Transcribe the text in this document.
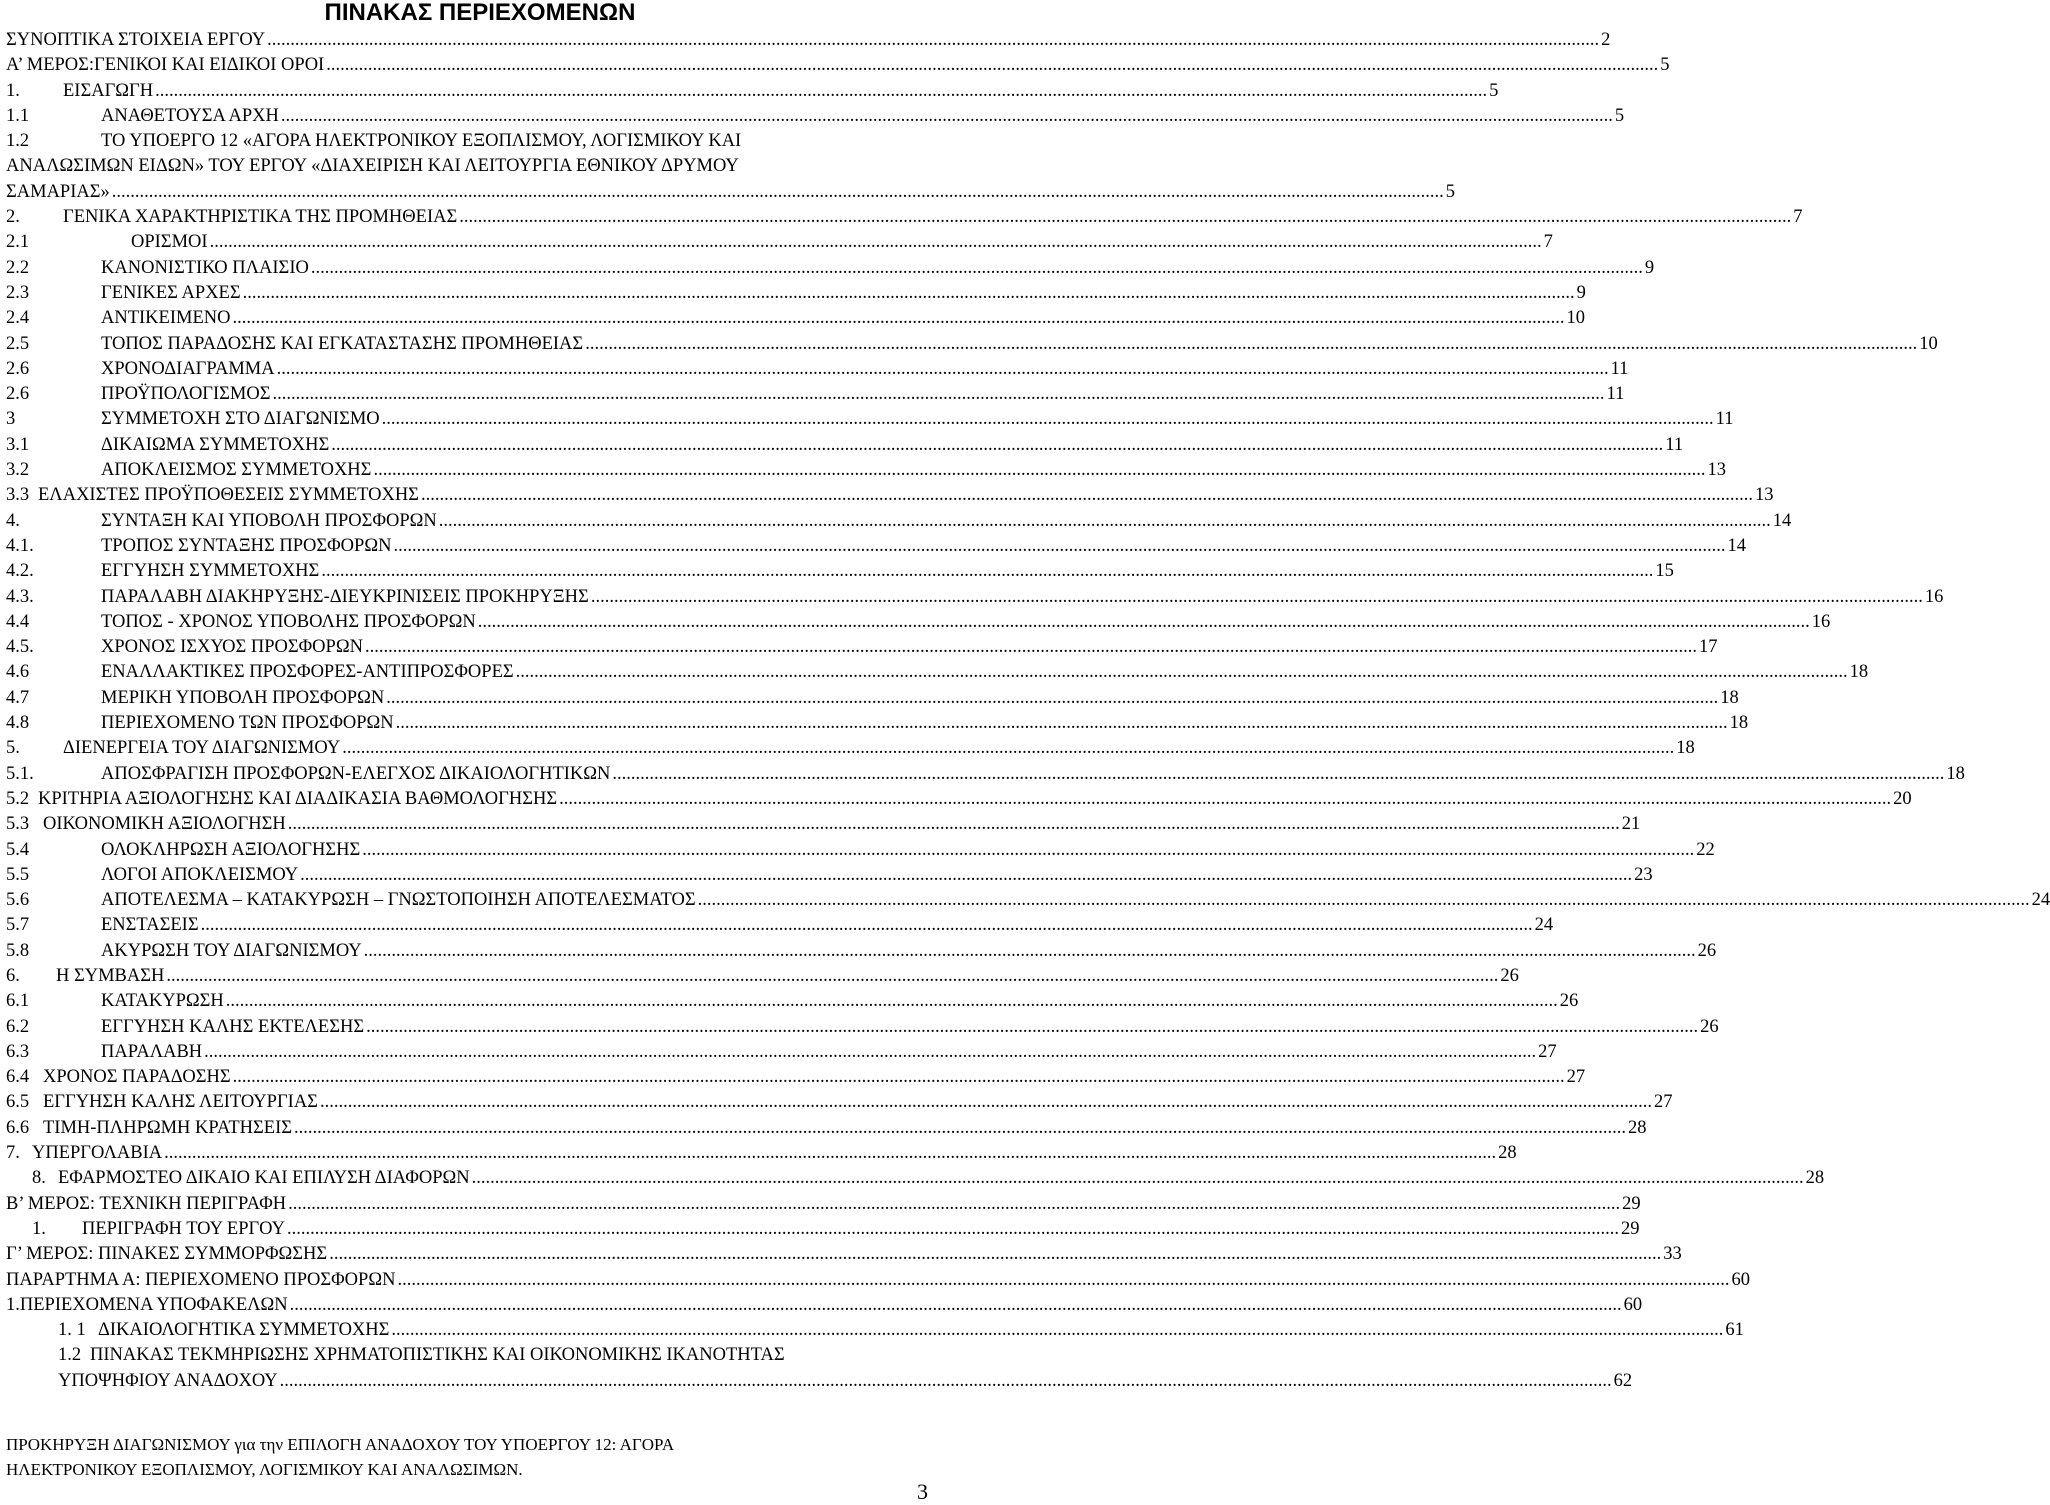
ΠΙΝΑΚΑΣ ΠΕΡΙΕΧΟΜΕΝΩΝ
ΣΥΝΟΠΤΙΚΑ ΣΤΟΙΧΕΙΑ ΕΡΓΟΥ .....	2
Α’ ΜΕΡΟΣ:ΓΕΝΙΚΟΙ ΚΑΙ ΕΙΔΙΚΟΙ ΟΡΟΙ .....	5
1.	ΕΙΣΑΓΩΓΗ .....	5
1.1	ΑΝΑΘΕΤΟΥΣΑ ΑΡΧΗ .....	5
1.2	ΤΟ ΥΠΟΕΡΓΟ 12 «ΑΓΟΡΑ ΗΛΕΚΤΡΟΝΙΚΟΥ ΕΞΟΠΛΙΣΜΟΥ, ΛΟΓΙΣΜΙΚΟΥ ΚΑΙ
ΑΝΑΛΩΣΙΜΩΝ ΕΙΔΩΝ» ΤΟΥ ΕΡΓΟΥ «ΔΙΑΧΕΙΡΙΣΗ ΚΑΙ ΛΕΙΤΟΥΡΓΙΑ ΕΘΝΙΚΟΥ ΔΡΥΜΟΥ
ΣΑΜΑΡΙΑΣ» .....	5
2.	ΓΕΝΙΚΑ ΧΑΡΑΚΤΗΡΙΣΤΙΚΑ ΤΗΣ ΠΡΟΜΗΘΕΙΑΣ .....	7
2.1	ΟΡΙΣΜΟΙ .....	7
2.2	ΚΑΝΟΝΙΣΤΙΚΟ ΠΛΑΙΣΙΟ .....	9
2.3	ΓΕΝΙΚΕΣ ΑΡΧΕΣ .....	9
2.4	ΑΝΤΙΚΕΙΜΕΝΟ .....	10
2.5	ΤΟΠΟΣ ΠΑΡΑΔΟΣΗΣ ΚΑΙ ΕΓΚΑΤΑΣΤΑΣΗΣ ΠΡΟΜΗΘΕΙΑΣ .....	10
2.6	ΧΡΟΝΟΔΙΑΓΡΑΜΜΑ .....	11
2.6	ΠΡΟΫΠΟΛΟΓΙΣΜΟΣ .....	11
3	ΣΥΜΜΕΤΟΧΗ ΣΤΟ ΔΙΑΓΩΝΙΣΜΟ .....	11
3.1	ΔΙΚΑΙΩΜΑ ΣΥΜΜΕΤΟΧΗΣ .....	11
3.2	ΑΠΟΚΛΕΙΣΜΟΣ ΣΥΜΜΕΤΟΧΗΣ .....	13
3.3 ΕΛΑΧΙΣΤΕΣ ΠΡΟΫΠΟΘΕΣΕΙΣ ΣΥΜΜΕΤΟΧΗΣ .....	13
4.	ΣΥΝΤΑΞΗ ΚΑΙ ΥΠΟΒΟΛΗ ΠΡΟΣΦΟΡΩΝ .....	14
4.1.	ΤΡΟΠΟΣ ΣΥΝΤΑΞΗΣ ΠΡΟΣΦΟΡΩΝ .....	14
4.2.	ΕΓΓΥΗΣΗ ΣΥΜΜΕΤΟΧΗΣ .....	15
4.3.	ΠΑΡΑΛΑΒΗ ΔΙΑΚΗΡΥΞΗΣ-ΔΙΕΥΚΡΙΝΙΣΕΙΣ ΠΡΟΚΗΡΥΞΗΣ .....	16
4.4	ΤΟΠΟΣ - ΧΡΟΝΟΣ ΥΠΟΒΟΛΗΣ ΠΡΟΣΦΟΡΩΝ .....	16
4.5.	ΧΡΟΝΟΣ ΙΣΧΥΟΣ ΠΡΟΣΦΟΡΩΝ .....	17
4.6	ΕΝΑΛΛΑΚΤΙΚΕΣ ΠΡΟΣΦΟΡΕΣ-ΑΝΤΙΠΡΟΣΦΟΡΕΣ .....	18
4.7	ΜΕΡΙΚΗ ΥΠΟΒΟΛΗ ΠΡΟΣΦΟΡΩΝ .....	18
4.8	ΠΕΡΙΕΧΟΜΕΝΟ ΤΩΝ ΠΡΟΣΦΟΡΩΝ .....	18
5.	ΔΙΕΝΕΡΓΕΙΑ ΤΟΥ ΔΙΑΓΩΝΙΣΜΟΥ .....	18
5.1.	ΑΠΟΣΦΡΑΓΙΣΗ ΠΡΟΣΦΟΡΩΝ-ΕΛΕΓΧΟΣ ΔΙΚΑΙΟΛΟΓΗΤΙΚΩΝ .....	18
5.2 ΚΡΙΤΗΡΙΑ ΑΞΙΟΛΟΓΗΣΗΣ ΚΑΙ ΔΙΑΔΙΚΑΣΙΑ ΒΑΘΜΟΛΟΓΗΣΗΣ .....	20
5.3 ΟΙΚΟΝΟΜΙΚΗ ΑΞΙΟΛΟΓΗΣΗ .....	21
5.4	ΟΛΟΚΛΗΡΩΣΗ ΑΞΙΟΛΟΓΗΣΗΣ .....	22
5.5	ΛΟΓΟΙ ΑΠΟΚΛΕΙΣΜΟΥ .....	23
5.6	ΑΠΟΤΕΛΕΣΜΑ – ΚΑΤΑΚΥΡΩΣΗ – ΓΝΩΣΤΟΠΟΙΗΣΗ ΑΠΟΤΕΛΕΣΜΑΤΟΣ .....	24
5.7	ΕΝΣΤΑΣΕΙΣ .....	24
5.8	ΑΚΥΡΩΣΗ ΤΟΥ ΔΙΑΓΩΝΙΣΜΟΥ .....	26
6.	Η ΣΥΜΒΑΣΗ .....	26
6.1	ΚΑΤΑΚΥΡΩΣΗ .....	26
6.2	ΕΓΓΥΗΣΗ ΚΑΛΗΣ ΕΚΤΕΛΕΣΗΣ .....	26
6.3	ΠΑΡΑΛΑΒΗ .....	27
6.4 ΧΡΟΝΟΣ ΠΑΡΑΔΟΣΗΣ .....	27
6.5 ΕΓΓΥΗΣΗ ΚΑΛΗΣ ΛΕΙΤΟΥΡΓΙΑΣ .....	27
6.6 ΤΙΜΗ-ΠΛΗΡΩΜΗ ΚΡΑΤΗΣΕΙΣ .....	28
7. ΥΠΕΡΓΟΛΑΒΙΑ .....	28
8. ΕΦΑΡΜΟΣΤΕΟ ΔΙΚΑΙΟ ΚΑΙ ΕΠΙΛΥΣΗ ΔΙΑΦΟΡΩΝ .....	28
Β’ ΜΕΡΟΣ: ΤΕΧΝΙΚΗ ΠΕΡΙΓΡΑΦΗ .....	29
1.	ΠΕΡΙΓΡΑΦΗ ΤΟΥ ΕΡΓΟΥ .....	29
Γ’ ΜΕΡΟΣ: ΠΙΝΑΚΕΣ ΣΥΜΜΟΡΦΩΣΗΣ .....	33
ΠΑΡΑΡΤΗΜΑ Α: ΠΕΡΙΕΧΟΜΕΝΟ ΠΡΟΣΦΟΡΩΝ .....	60
1.ΠΕΡΙΕΧΟΜΕΝΑ ΥΠΟΦΑΚΕΛΩΝ .....	60
1. 1 ΔΙΚΑΙΟΛΟΓΗΤΙΚΑ ΣΥΜΜΕΤΟΧΗΣ .....	61
1.2 ΠΙΝΑΚΑΣ ΤΕΚΜΗΡΙΩΣΗΣ ΧΡΗΜΑΤΟΠΙΣΤΙΚΗΣ ΚΑΙ ΟΙΚΟΝΟΜΙΚΗΣ ΙΚΑΝΟΤΗΤΑΣ
ΥΠΟΨΗΦΙΟΥ ΑΝΑΔΟΧΟΥ .....	62
ΠΡΟΚΗΡΥΞΗ ΔΙΑΓΩΝΙΣΜΟΥ για την ΕΠΙΛΟΓΗ ΑΝΑΔΟΧΟΥ ΤΟΥ ΥΠΟΕΡΓΟΥ 12: ΑΓΟΡΑ
ΗΛΕΚΤΡΟΝΙΚΟΥ ΕΞΟΠΛΙΣΜΟΥ, ΛΟΓΙΣΜΙΚΟΥ ΚΑΙ ΑΝΑΛΩΣΙΜΩΝ.
3
